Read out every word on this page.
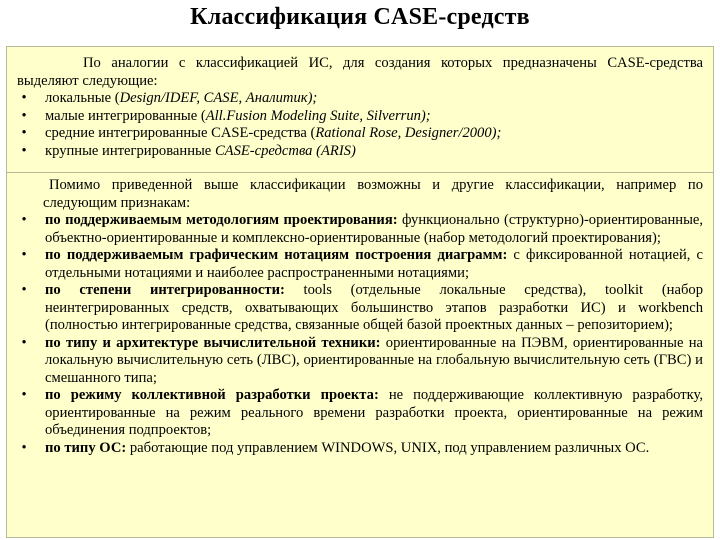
Классификация CASE-средств
По аналогии с классификацией ИС, для создания которых предназначены CASE-средства выделяют следующие:
•	локальные (Design/IDEF, CASE, Аналитик);
•	малые интегрированные (All.Fusion Modeling Suite, Silverrun);
•	средние интегрированные CASE-средства (Rational Rose, Designer/2000);
•	крупные интегрированные CASE-средства (ARIS)
Помимо приведенной выше классификации возможны и другие классификации, например по следующим признакам:
•	по поддерживаемым методологиям проектирования: функционально (структурно)-ориентированные, объектно-ориентированные и комплексно-ориентированные (набор методологий проектирования);
•	по поддерживаемым графическим нотациям построения диаграмм: с фиксированной нотацией, с отдельными нотациями и наиболее распространенными нотациями;
•	по степени интегрированности: tools (отдельные локальные средства), toolkit (набор неинтегрированных средств, охватывающих большинство этапов разработки ИС) и workbench (полностью интегрированные средства, связанные общей базой проектных данных – репозиторием);
•	по типу и архитектуре вычислительной техники: ориентированные на ПЭВМ, ориентированные на локальную вычислительную сеть (ЛВС), ориентированные на глобальную вычислительную сеть (ГВС) и смешанного типа;
•	по режиму коллективной разработки проекта: не поддерживающие коллективную разработку, ориентированные на режим реального времени разработки проекта, ориентированные на режим объединения подпроектов;
•	по типу ОС: работающие под управлением WINDOWS, UNIX, под управлением различных ОС.
